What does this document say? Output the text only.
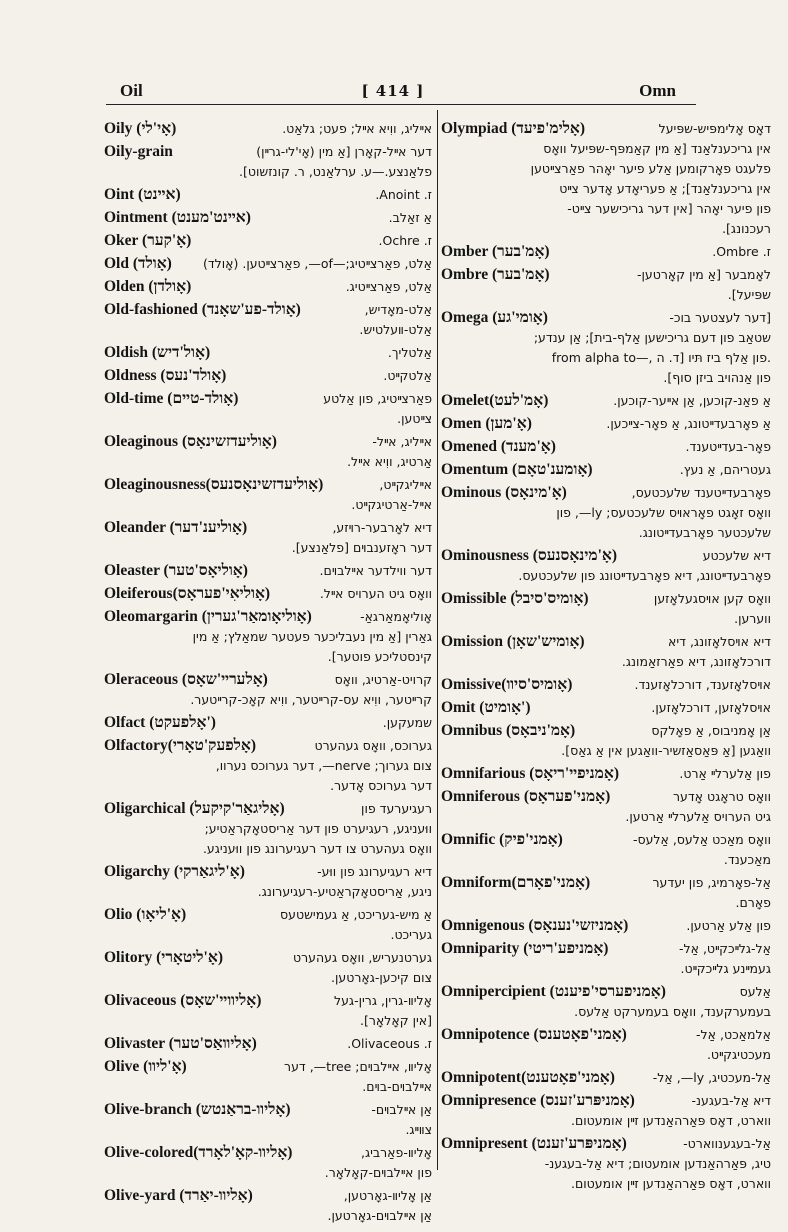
Oil	[ 414 ]	Omn
Oily (אָי'לי)	אײליג, ווִיא אײל; פעט; גלאַט.
Oily-grain	דער אײל-קאָרן [אַ מין (אָי'לי-גרײן)
פלאַנצע.—ע. ערלאַנט, ר. קונזשוט].
Oint (אײנט)	ז. Anoint.
Ointment (אײנט'מענט)	אַ זאַלב.
Oker (אָ'קער)	ז. Ochre.
Old (אָולד)	אַלט, פאַרצײטיג;—of—, פאַרצײטען. (אָולד)
Olden (אָולדן)	אַלט, פאַרצײטיג.
Old-fashioned (אָולד-פע'שאָנד)	אַלט-מאָדיש,
אַלט-װעלטיש.
Oldish (אָול'דיש)	אַלטליך.
Oldness (אָולד'נעס)	אַלטקײט.
Old-time (אָולד-טײם)	פאַרצײטיג, פון אַלטע
צײטען.
Oleaginous (אָוליעדזשינאָס)	אײליג, אײל-
אַרטיג, ווִיא אײל.
Oleaginousness(אָוליעדזשינאָסנעס)	אײליגקײט,
אײל-אַרטיגקײט.
Oleander (אָוליענ'דער)	דיא לאָרבער-רױזע,
דער ראָזענבױם [פלאַנצע].
Oleaster (אָוליאָס'טער)	דער ווילדער אײלבױם.
Oleiferous(אָוליאִי'פעראָס)	וואָס גיט הערויס אײל.
Oleomargarin (אָוליאָומאַר'גערין)	אָוליאָמאַרגאַ-
גאַרין [אַ מין נעבליכער פעטער שמאַלץ; אַ מין
קינסטליכע פוטער].
Oleraceous (אָלערײ'שאָס)	קרויט-אַרטיג, וואָס
קרײטער, ווִיא עס-קרײטער, ווִיא קאָכ-קרײטער.
Olfact (אָלפעקט')	שמעקען.
Olfactory(אָלפעק'טאָרי)	גערוכס, וואָס געהערט
צום גערוך; nerve—, דער גערוכס נערוו,
דער גערוכס אָדער.
Oligarchical (אָליגאַר'קיקעל)	רעגיערעד פון
ווּעניגע, רעגיערט פון דער אַריסטאָקראַטיע;
וואָס געהערט צו דער רעגיערונג פון ווּעניגע.
Oligarchy (אָ'ליגאַרקי)	דיא רעגיערונג פון ווּע-
ניגע, אַריסטאָקראַטיע-רעגיערונג.
Olio (אָ'ליאָו)	אַ מיש-געריכט, אַ געמישטעס
געריכט.
Olitory (אָ'ליטאָרי)	גערטנעריש, וואָס געהערט
צום קיכען-גאָרטען.
Olivaceous (אָליװײ'שאָס)	אָליװ-גרין, גרין-געל
[אין קאָלאָר].
Olivaster (אָליװאַס'טער)	ז. Olivaceous.
Olive (אָ'ליװ)	אָליװ, אײלבױם; tree—, דער
אײלבױם-בױם.
Olive-branch (אָליװ-בראַנטש)	אַן אײלבױם-
צװײג.
Olive-colored(אָליװ-קאָ'לאָרד)	אָליװ-פאַרביג,
פון אײלבױם-קאָלאָר.
Olive-yard (אָליװ-יאַרד)	אַן אָליװ-גאָרטען,
אַן אײלבױם-גאָרטען.
Olympiad (אָלימ'פיעד)	דאָס אָלימפּיש-שפּיעל
אין גריכענלאַנד [אַ מין קאַמפּף-שפּיעל וואָס
פלעגט פאָרקומען אַלע פיער יאָהר פאַרצײטען
אין גריכענלאַנד]; אַ פעריאָדע אָדער צײט
פון פיער יאָהר [אין דער גריכישער צײט-
רעכנונג].
Omber (אָמ'בער)	ז. Ombre.
Ombre (אָמ'בער)	לאָמבער [אַ מין קאָרטען-
שפּיעל].
Omega (אָומי'גע)	[דער לעצטער בוכ-
שטאַב פון דעם גריכישען אַלף-בית]; אַן ענדע;
from alpha to—, פון אַלף ביז תּיו [ד. ה.
פון אַנהויב ביזן סוף].
Omelet(אָמ'לעט)	אַ פאַנ-קוכען, אַן אײער-קוכען.
Omen (אָ'מען)	אַ פאָרבעדײטונג, אַ פאָר-צײכען.
Omened (אָ'מענד)	פאָר-בעדײטענד.
Omentum (אָומענ'טאָם)	געטריהם, אַ נעץ.
Ominous (אָ'מינאָס)	פאָרבעדײטענד שלעכטעס,
וואָס זאָגט פאָראױס שלעכטעס; ly—, פון
שלעכטער פאָרבעדײטונג.
Ominousness (אָ'מינאָסנעס)	דיא שלעכטע
פאָרבעדײטונג, דיא פאָרבעדײטונג פון שלעכטעס.
Omissible (אָומיס'סיבל)	וואָס קען אױסגעלאָזען
ווערען.
Omission (אָומיש'שאָן)	דיא אױסלאָזונג, דיא
דורכלאָזונג, דיא פאַרזאַמונג.
Omissive(אָומיס'סיװ)	אױסלאָזענד, דורכלאָזענד.
Omit (אָומיט')	אױסלאָזען, דורכלאָזען.
Omnibus (אָמ'ניבאָס)	אַן אָמניבוס, אַ פאָלקס
וואַגען [אַ פּאַסאַזשיר-וואַגען אין אַ גאַס].
Omnifarious (אָמניפײ'ריאָס)	פון אַלערלײ אַרט.
Omniferous (אָמני'פעראָס)	וואָס טראָגט אָדער
גיט הערויס אַלערלײ אַרטען.
Omnific (אָמני'פיק)	וואָס מאַכט אַלעס, אַלעס-
מאַכענד.
Omniform(אָמני'פאָרם)	אַל-פאָרמיג, פון יעדער
פאָרם.
Omnigenous (אָמניזשי'נענאָס)	פון אַלע אַרטען.
Omniparity (אָמניפע'ריטי)	אַל-גלײכקײט, אַל-
געמײנע גלײכקײט.
Omnipercipient (אָמניפערסי'פיענט)	אַלעס
בעמערקענד, וואָס בעמערקט אַלעס.
Omnipotence (אָמני'פאָטענס)	אַלמאַכט, אַל-
מעכטיגקײט.
Omnipotent(אָמני'פאָטענט)	אַל-מעכטיג, ly—, אַל-
Omnipresence (אָמניפּרע'זענס)	דיא אַל-בעגענ-
ווארט, דאָס פּאַרהאַנדען זײן אומעטום.
Omnipresent (אָמניפּרע'זענט)	אַל-בעגענווארט-
טיג, פּאַרהאַנדען אומעטום; דיא אַל-בעגענ-
ווארט, דאָס פּאַרהאַנדען זײן אומעטום.
